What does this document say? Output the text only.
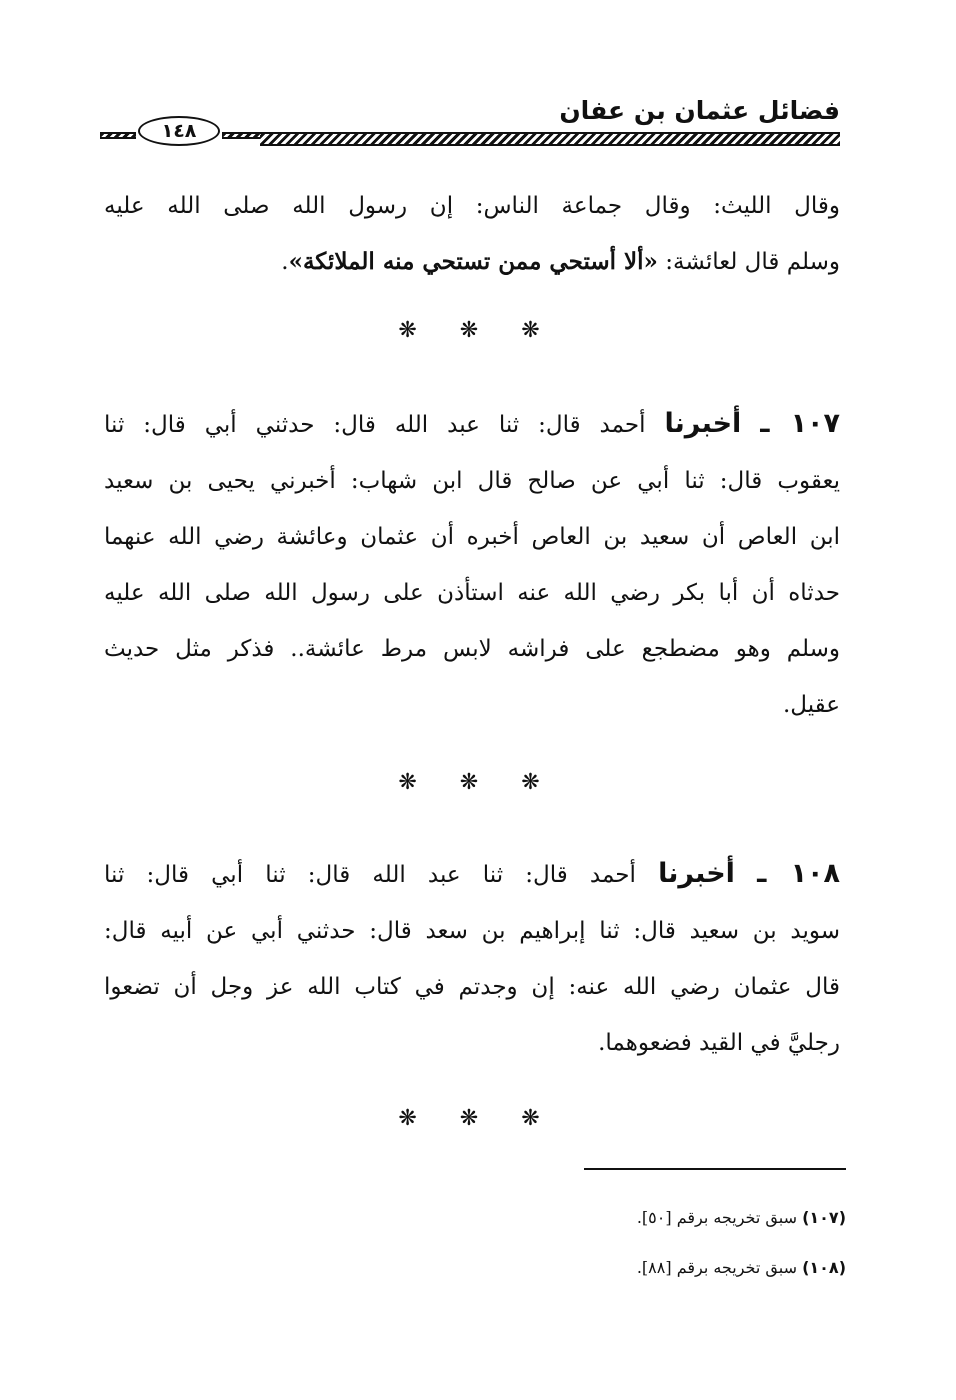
فضائل عثمان بن عفان
١٤٨
وقال الليث: وقال جماعة الناس: إن رسول الله صلى الله عليه
وسلم قال لعائشة: «ألا أستحي ممن تستحي منه الملائكة».
❋ ❋ ❋
١٠٧ ـ أخبرنا أحمد قال: ثنا عبد الله قال: حدثني أبي قال: ثنا
يعقوب قال: ثنا أبي عن صالح قال ابن شهاب: أخبرني يحيى بن سعيد
ابن العاص أن سعيد بن العاص أخبره أن عثمان وعائشة رضي الله عنهما
حدثاه أن أبا بكر رضي الله عنه استأذن على رسول الله صلى الله عليه
وسلم وهو مضطجع على فراشه لابس مرط عائشة.. فذكر مثل حديث
عقيل.
❋ ❋ ❋
١٠٨ ـ أخبرنا أحمد قال: ثنا عبد الله قال: ثنا أبي قال: ثنا
سويد بن سعيد قال: ثنا إبراهيم بن سعد قال: حدثني أبي عن أبيه قال:
قال عثمان رضي الله عنه: إن وجدتم في كتاب الله عز وجل أن تضعوا
رجليَّ في القيد فضعوهما.
❋ ❋ ❋
(١٠٧) سبق تخريجه برقم [٥٠].
(١٠٨) سبق تخريجه برقم [٨٨].
